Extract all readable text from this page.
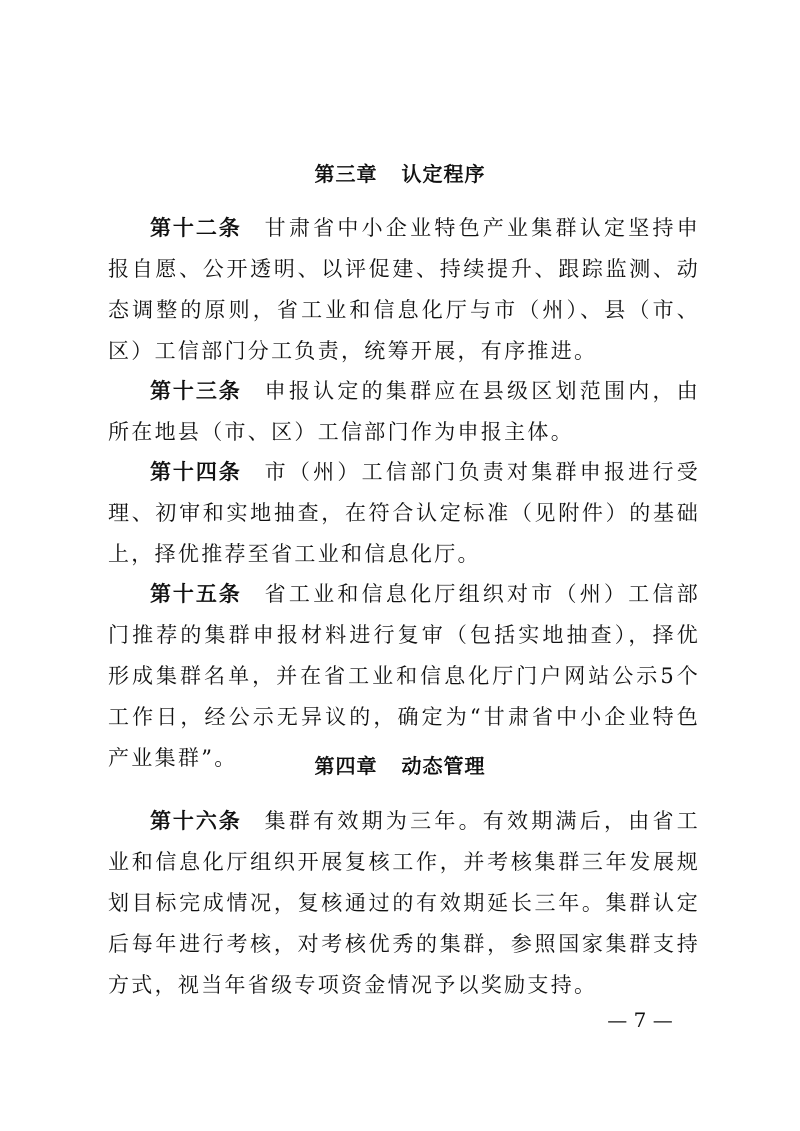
第三章 认定程序
第十二条 甘肃省中小企业特色产业集群认定坚持申报自愿、公开透明、以评促建、持续提升、跟踪监测、动态调整的原则，省工业和信息化厅与市（州）、县（市、区）工信部门分工负责，统筹开展，有序推进。
第十三条 申报认定的集群应在县级区划范围内，由所在地县（市、区）工信部门作为申报主体。
第十四条 市（州）工信部门负责对集群申报进行受理、初审和实地抽查，在符合认定标准（见附件）的基础上，择优推荐至省工业和信息化厅。
第十五条 省工业和信息化厅组织对市（州）工信部门推荐的集群申报材料进行复审（包括实地抽查），择优形成集群名单，并在省工业和信息化厅门户网站公示5个工作日，经公示无异议的，确定为“甘肃省中小企业特色产业集群”。	第四章 动态管理
第十六条 集群有效期为三年。有效期满后，由省工业和信息化厅组织开展复核工作，并考核集群三年发展规划目标完成情况，复核通过的有效期延长三年。集群认定后每年进行考核，对考核优秀的集群，参照国家集群支持方式，视当年省级专项资金情况予以奖励支持。
— 7 —
